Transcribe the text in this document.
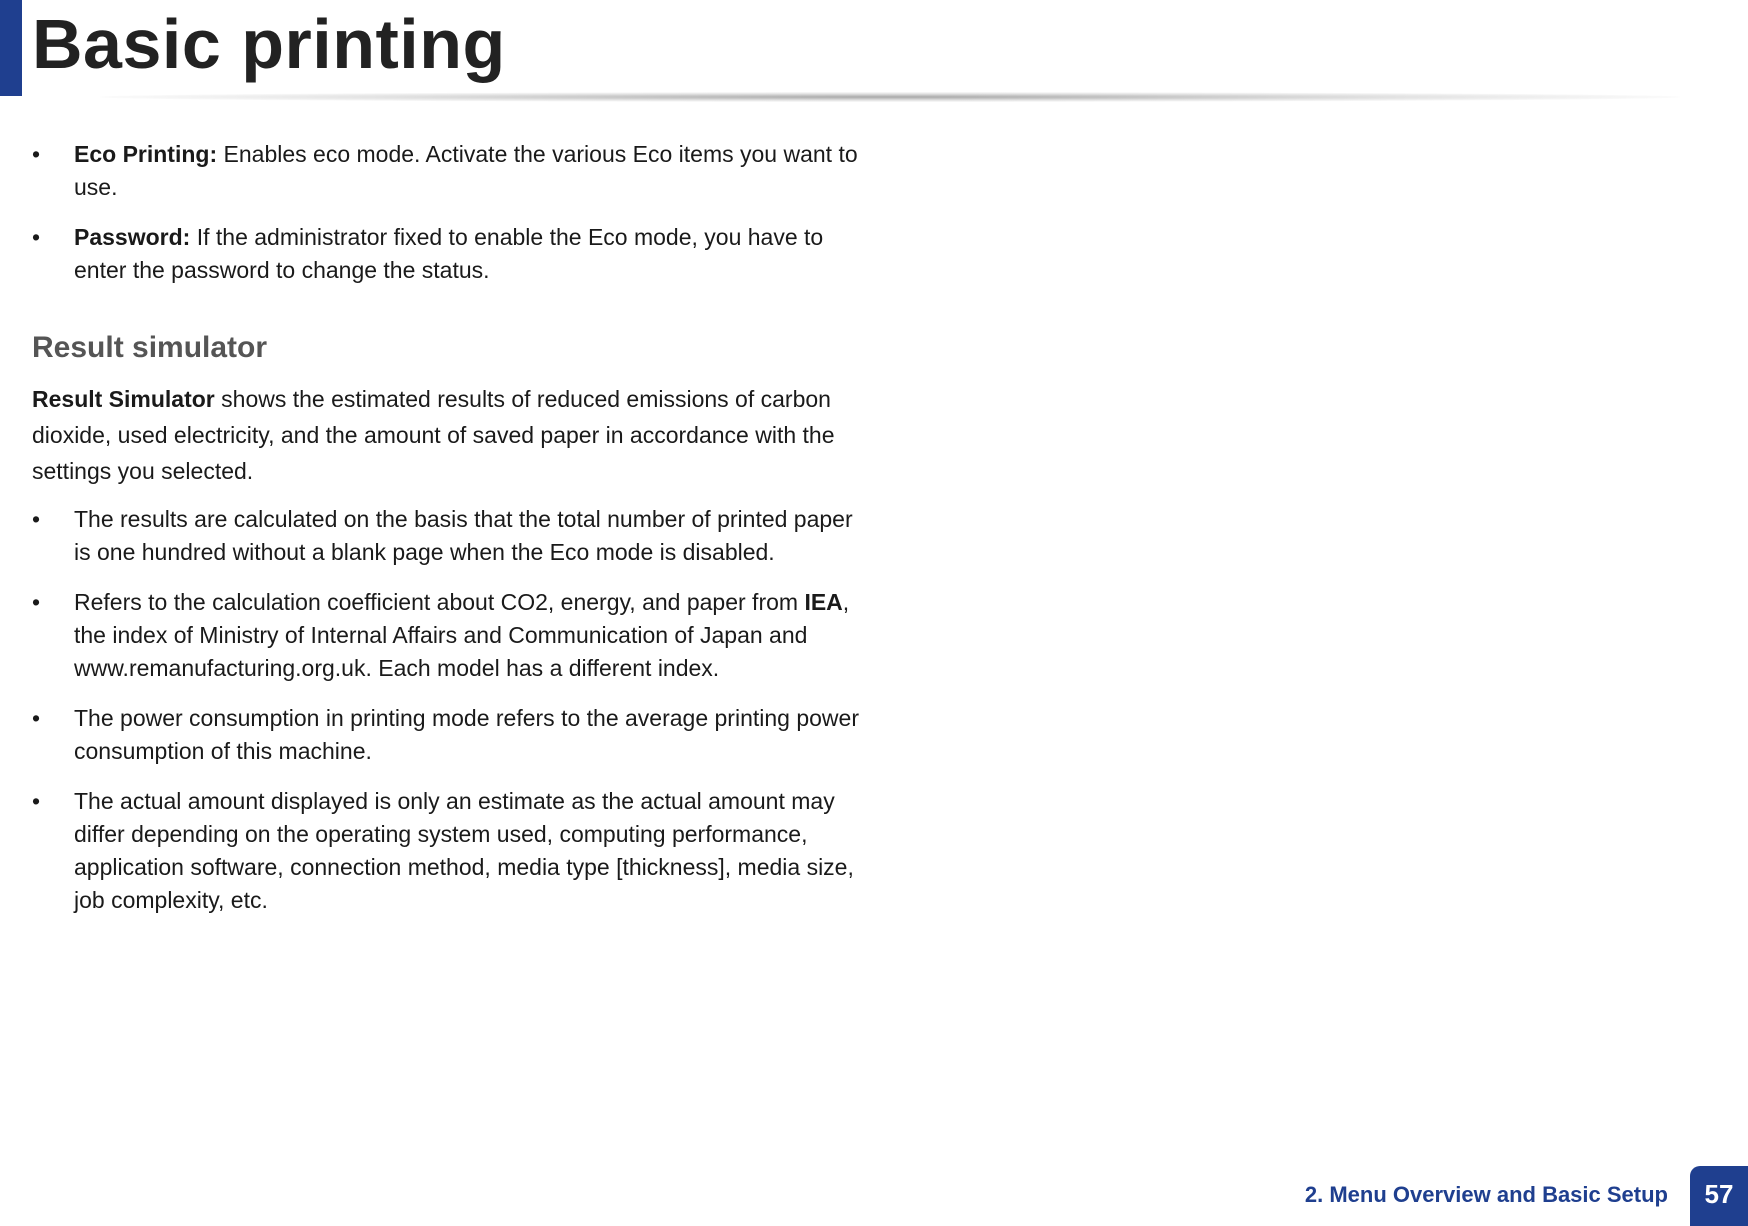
Basic printing
•	Eco Printing: Enables eco mode. Activate the various Eco items you want to use.
•	Password: If the administrator fixed to enable the Eco mode, you have to enter the password to change the status.
Result simulator

Result Simulator shows the estimated results of reduced emissions of carbon dioxide, used electricity, and the amount of saved paper in accordance with the settings you selected.

•	The results are calculated on the basis that the total number of printed paper is one hundred without a blank page when the Eco mode is disabled.
•	Refers to the calculation coefficient about CO2, energy, and paper from IEA, the index of Ministry of Internal Affairs and Communication of Japan and www.remanufacturing.org.uk. Each model has a different index.
•	The power consumption in printing mode refers to the average printing power consumption of this machine.
•	The actual amount displayed is only an estimate as the actual amount may differ depending on the operating system used, computing performance, application software, connection method, media type [thickness], media size, job complexity, etc.
2. Menu Overview and Basic Setup	57
